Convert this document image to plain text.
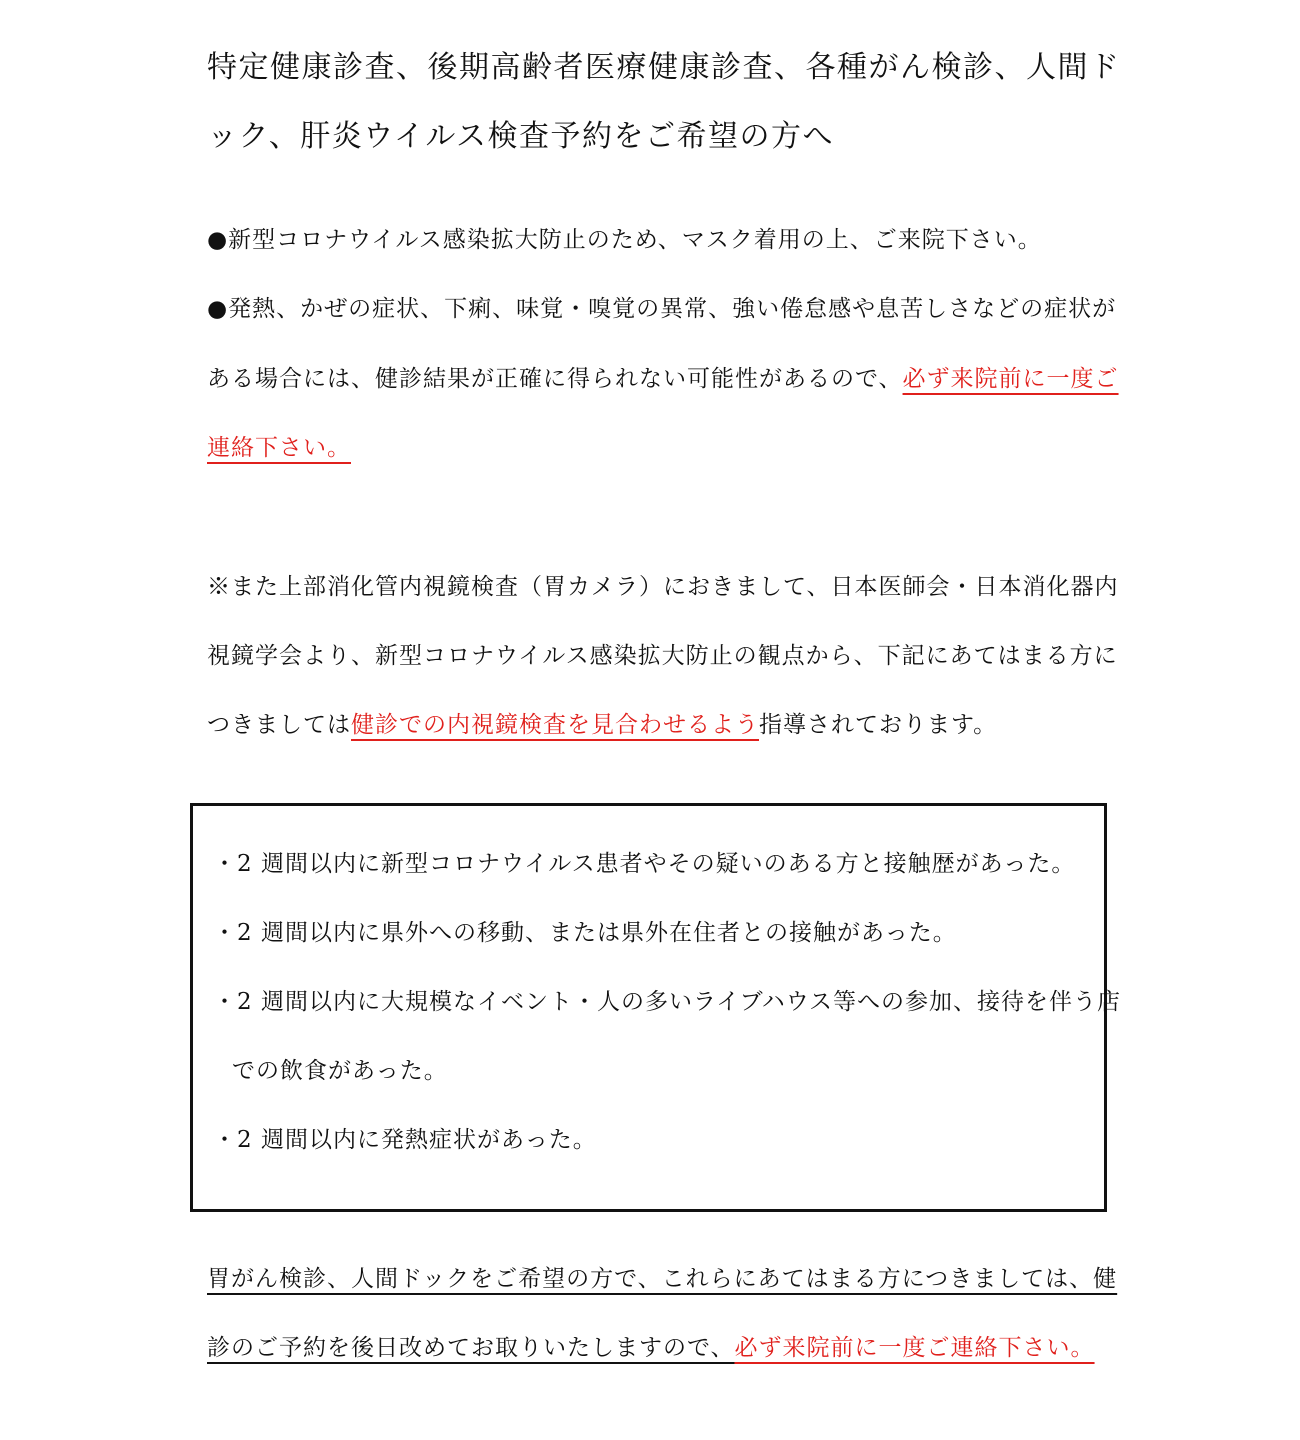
特定健康診査、後期高齢者医療健康診査、各種がん検診、人間ド
ック、肝炎ウイルス検査予約をご希望の方へ
●新型コロナウイルス感染拡大防止のため、マスク着用の上、ご来院下さい。
●発熱、かぜの症状、下痢、味覚・嗅覚の異常、強い倦怠感や息苦しさなどの症状が
ある場合には、健診結果が正確に得られない可能性があるので、必ず来院前に一度ご
連絡下さい。
※また上部消化管内視鏡検査（胃カメラ）におきまして、日本医師会・日本消化器内
視鏡学会より、新型コロナウイルス感染拡大防止の観点から、下記にあてはまる方に
つきましては健診での内視鏡検査を見合わせるよう指導されております。
・2 週間以内に新型コロナウイルス患者やその疑いのある方と接触歴があった。
・2 週間以内に県外への移動、または県外在住者との接触があった。
・2 週間以内に大規模なイベント・人の多いライブハウス等への参加、接待を伴う店
での飲食があった。
・2 週間以内に発熱症状があった。
胃がん検診、人間ドックをご希望の方で、これらにあてはまる方につきましては、健
診のご予約を後日改めてお取りいたしますので、必ず来院前に一度ご連絡下さい。
